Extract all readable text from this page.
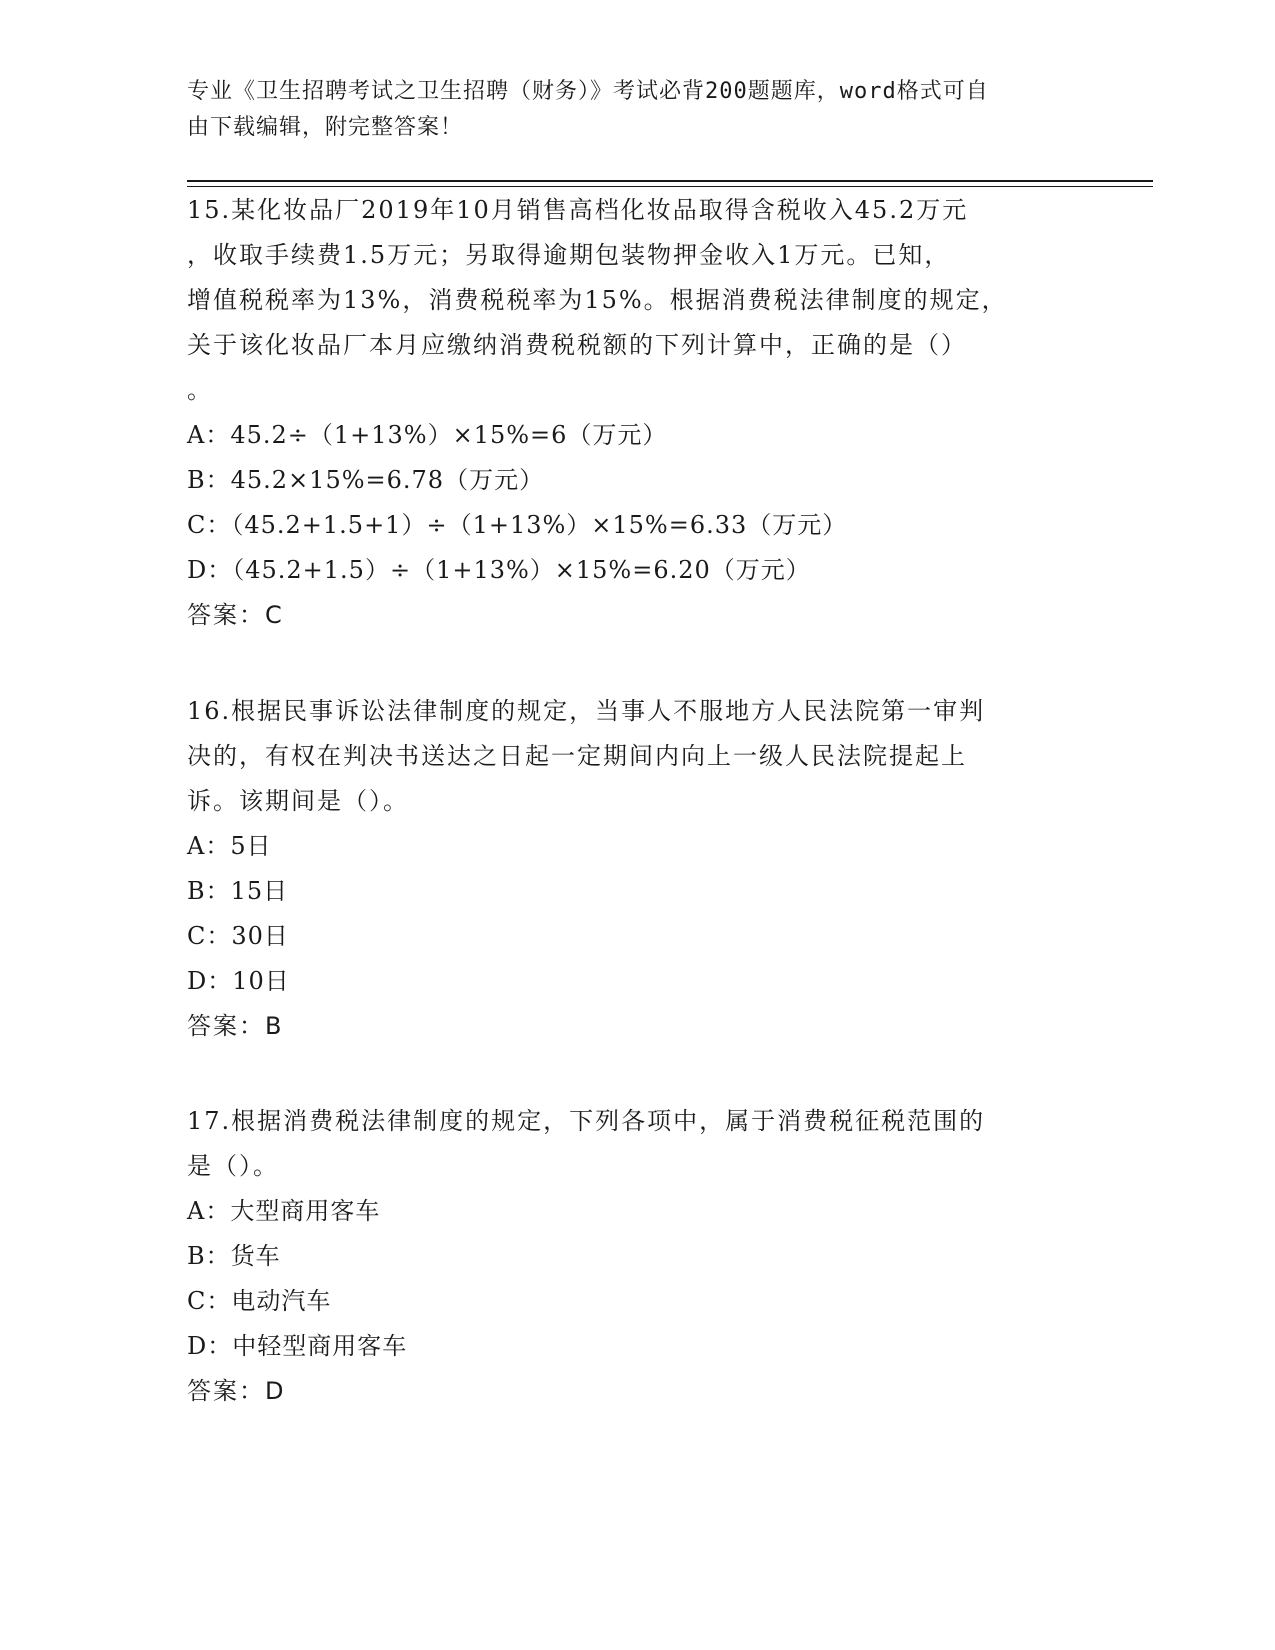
专业《卫生招聘考试之卫生招聘（财务）》考试必背200题题库，word格式可自
由下载编辑，附完整答案！

15.某化妆品厂2019年10月销售高档化妆品取得含税收入45.2万元

，收取手续费1.5万元；另取得逾期包装物押金收入1万元。已知，

增值税税率为13%，消费税税率为15%。根据消费税法律制度的规定，

关于该化妆品厂本月应缴纳消费税税额的下列计算中，正确的是（）

。

A：45.2÷（1+13%）×15%=6（万元）

B：45.2×15%=6.78（万元）

C：（45.2+1.5+1）÷（1+13%）×15%=6.33（万元）

D：（45.2+1.5）÷（1+13%）×15%=6.20（万元）

答案：C

16.根据民事诉讼法律制度的规定，当事人不服地方人民法院第一审判

决的，有权在判决书送达之日起一定期间内向上一级人民法院提起上

诉。该期间是（）。

A：5日

B：15日

C：30日

D：10日

答案：B

17.根据消费税法律制度的规定，下列各项中，属于消费税征税范围的

是（）。

A：大型商用客车

B：货车

C：电动汽车

D：中轻型商用客车

答案：D
